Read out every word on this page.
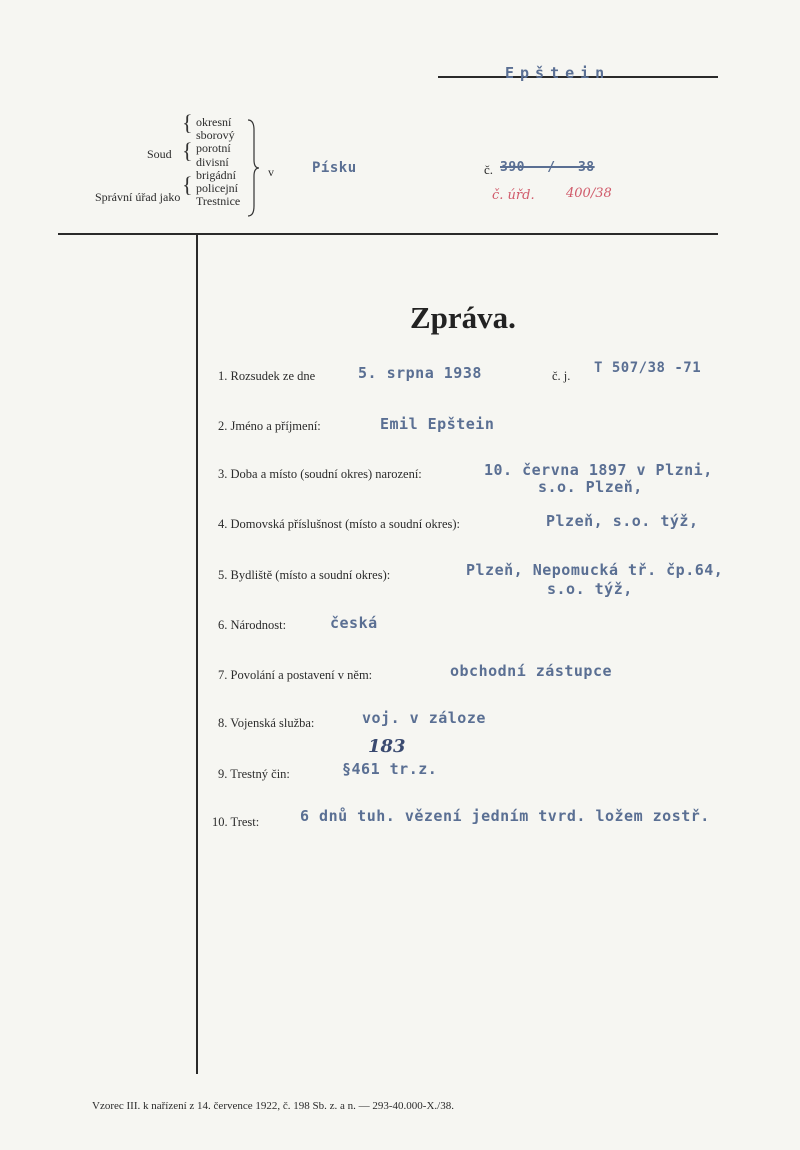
Epštein
Soud
Správní úřad jako
{
{
{
okresní
sborový
porotní
divisní
brigádní
policejní
Trestnice
v	Písku	č. 390 / 38
č. úřd. 400/38
Zpráva.
1. Rozsudek ze dne	5. srpna 1938	č. j. T 507/38 -71
2. Jméno a příjmení:	Emil Epštein
3. Doba a místo (soudní okres) narození:	10. června 1897 v Plzni,
s.o. Plzeň,
4. Domovská příslušnost (místo a soudní okres):	Plzeň, s.o. týž,
5. Bydliště (místo a soudní okres):	Plzeň, Nepomucká tř. čp.64,
s.o. týž,
6. Národnost:	česká
7. Povolání a postavení v něm:	obchodní zástupce
8. Vojenská služba:	voj. v záloze
9. Trestný čin:
183
§461 tr.z.
10. Trest:	6 dnů tuh. vězení jedním tvrd. ložem zostř.
Vzorec III. k nařízení z 14. července 1922, č. 198 Sb. z. a n. — 293-40.000-X./38.
